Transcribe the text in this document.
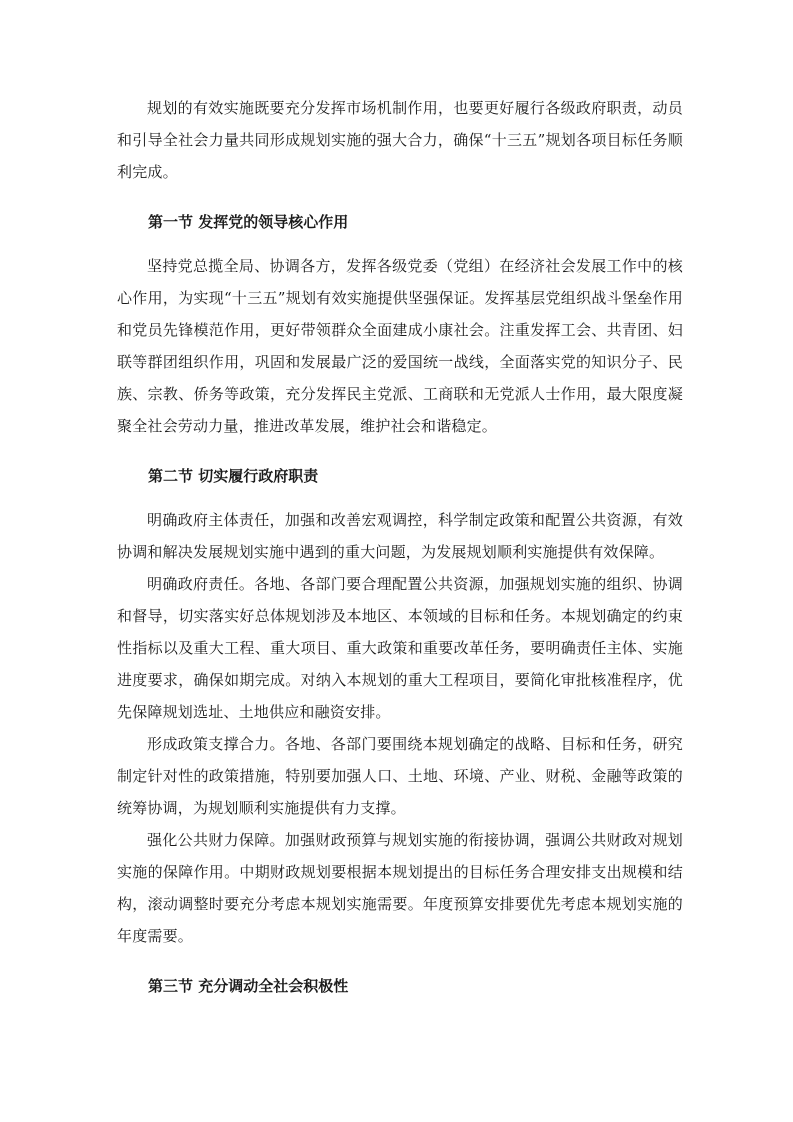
规划的有效实施既要充分发挥市场机制作用，也要更好履行各级政府职责，动员和引导全社会力量共同形成规划实施的强大合力，确保“十三五”规划各项目标任务顺利完成。

第一节 发挥党的领导核心作用

坚持党总揽全局、协调各方，发挥各级党委（党组）在经济社会发展工作中的核心作用，为实现“十三五”规划有效实施提供坚强保证。发挥基层党组织战斗堡垒作用和党员先锋模范作用，更好带领群众全面建成小康社会。注重发挥工会、共青团、妇联等群团组织作用，巩固和发展最广泛的爱国统一战线，全面落实党的知识分子、民族、宗教、侨务等政策，充分发挥民主党派、工商联和无党派人士作用，最大限度凝聚全社会劳动力量，推进改革发展，维护社会和谐稳定。

第二节 切实履行政府职责

明确政府主体责任，加强和改善宏观调控，科学制定政策和配置公共资源，有效协调和解决发展规划实施中遇到的重大问题，为发展规划顺利实施提供有效保障。

明确政府责任。各地、各部门要合理配置公共资源，加强规划实施的组织、协调和督导，切实落实好总体规划涉及本地区、本领域的目标和任务。本规划确定的约束性指标以及重大工程、重大项目、重大政策和重要改革任务，要明确责任主体、实施进度要求，确保如期完成。对纳入本规划的重大工程项目，要简化审批核准程序，优先保障规划选址、土地供应和融资安排。

形成政策支撑合力。各地、各部门要围绕本规划确定的战略、目标和任务，研究制定针对性的政策措施，特别要加强人口、土地、环境、产业、财税、金融等政策的统筹协调，为规划顺利实施提供有力支撑。

强化公共财力保障。加强财政预算与规划实施的衔接协调，强调公共财政对规划实施的保障作用。中期财政规划要根据本规划提出的目标任务合理安排支出规模和结构，滚动调整时要充分考虑本规划实施需要。年度预算安排要优先考虑本规划实施的年度需要。

第三节 充分调动全社会积极性
